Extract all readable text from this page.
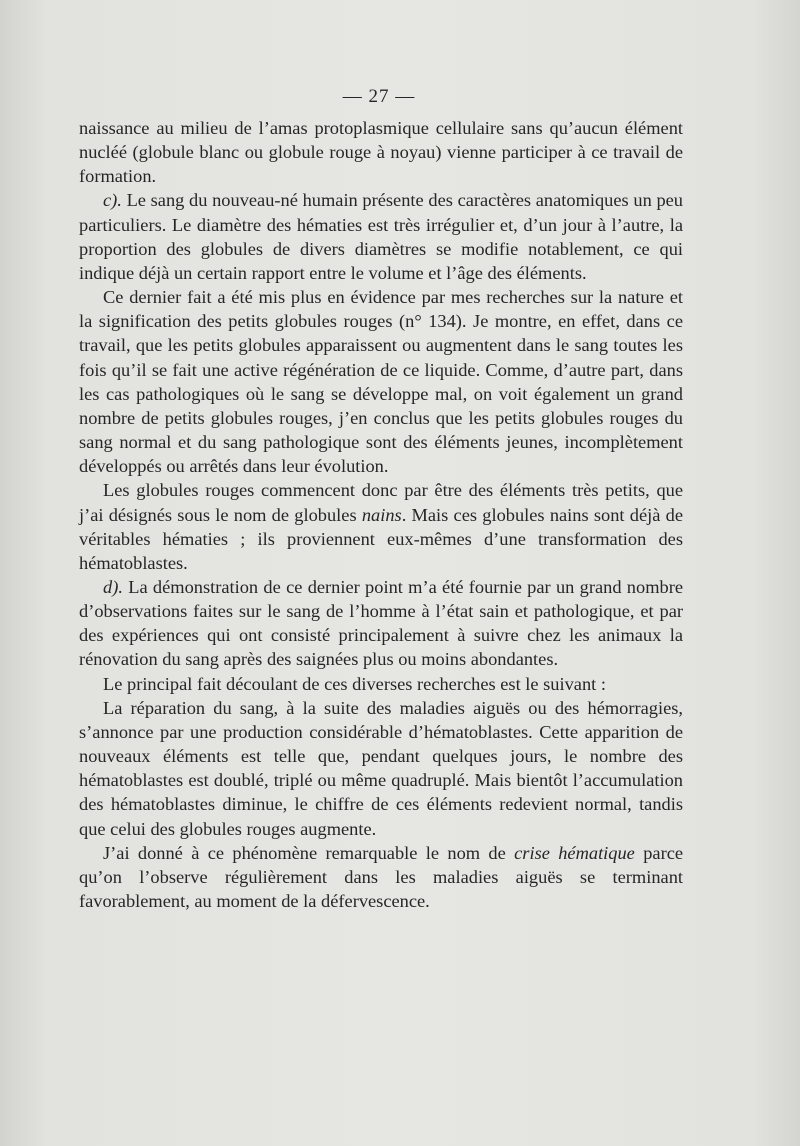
— 27 —

naissance au milieu de l’amas protoplasmique cellulaire sans qu’aucun élément nucléé (globule blanc ou globule rouge à noyau) vienne participer à ce travail de formation.

c). Le sang du nouveau-né humain présente des caractères anatomiques un peu particuliers. Le diamètre des hématies est très irrégulier et, d’un jour à l’autre, la proportion des globules de divers diamètres se modifie notablement, ce qui indique déjà un certain rapport entre le volume et l’âge des éléments.

Ce dernier fait a été mis plus en évidence par mes recherches sur la nature et la signification des petits globules rouges (n° 134). Je montre, en effet, dans ce travail, que les petits globules apparaissent ou augmentent dans le sang toutes les fois qu’il se fait une active régénération de ce liquide. Comme, d’autre part, dans les cas pathologiques où le sang se développe mal, on voit également un grand nombre de petits globules rouges, j’en conclus que les petits globules rouges du sang normal et du sang pathologique sont des éléments jeunes, incomplètement développés ou arrêtés dans leur évolution.

Les globules rouges commencent donc par être des éléments très petits, que j’ai désignés sous le nom de globules nains. Mais ces globules nains sont déjà de véritables hématies ; ils proviennent eux-mêmes d’une transformation des hématoblastes.

d). La démonstration de ce dernier point m’a été fournie par un grand nombre d’observations faites sur le sang de l’homme à l’état sain et pathologique, et par des expériences qui ont consisté principalement à suivre chez les animaux la rénovation du sang après des saignées plus ou moins abondantes.

Le principal fait découlant de ces diverses recherches est le suivant :

La réparation du sang, à la suite des maladies aiguës ou des hémorragies, s’annonce par une production considérable d’hématoblastes. Cette apparition de nouveaux éléments est telle que, pendant quelques jours, le nombre des hématoblastes est doublé, triplé ou même quadruplé. Mais bientôt l’accumulation des hématoblastes diminue, le chiffre de ces éléments redevient normal, tandis que celui des globules rouges augmente.

J’ai donné à ce phénomène remarquable le nom de crise hématique parce qu’on l’observe régulièrement dans les maladies aiguës se terminant favorablement, au moment de la défervescence.
